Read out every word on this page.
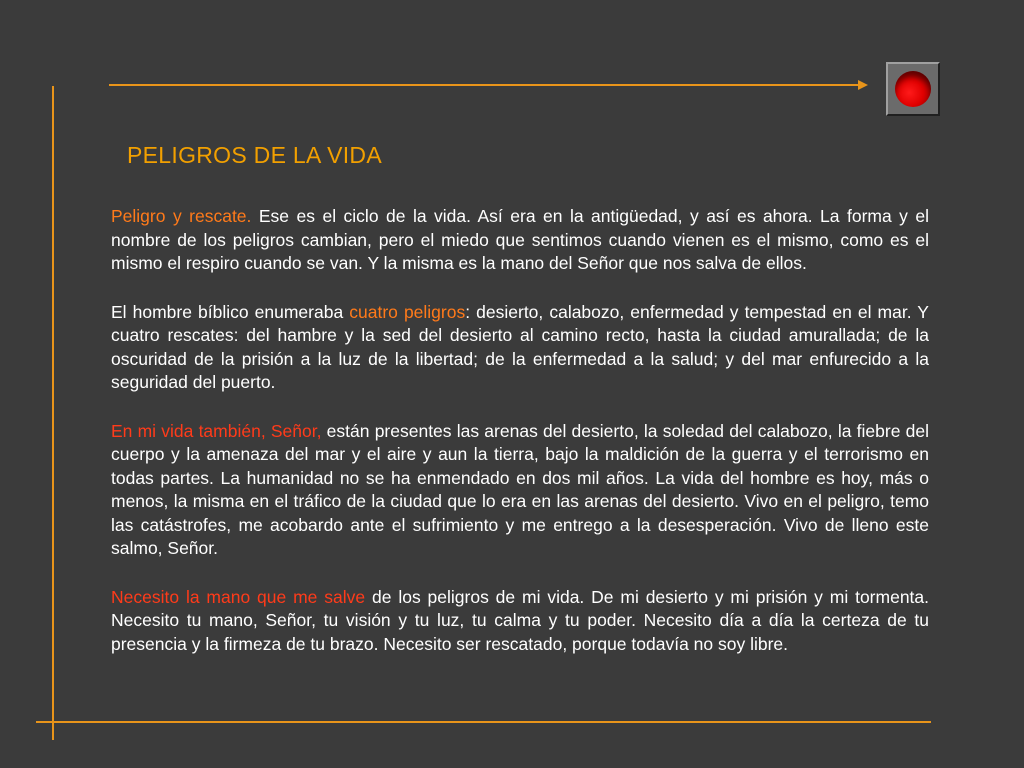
PELIGROS DE LA VIDA

Peligro y rescate. Ese es el ciclo de la vida. Así era en la antigüedad, y así es ahora. La forma y el nombre de los peligros cambian, pero el miedo que sentimos cuando vienen es el mismo, como es el mismo el respiro cuando se van. Y la misma es la mano del Señor que nos salva de ellos.

El hombre bíblico enumeraba cuatro peligros: desierto, calabozo, enfermedad y tempestad en el mar. Y cuatro rescates: del hambre y la sed del desierto al camino recto, hasta la ciudad amurallada; de la oscuridad de la prisión a la luz de la libertad; de la enfermedad a la salud; y del mar enfurecido a la seguridad del puerto.

En mi vida también, Señor, están presentes las arenas del desierto, la soledad del calabozo, la fiebre del cuerpo y la amenaza del mar y el aire y aun la tierra, bajo la maldición de la guerra y el terrorismo en todas partes. La humanidad no se ha enmendado en dos mil años. La vida del hombre es hoy, más o menos, la misma en el tráfico de la ciudad que lo era en las arenas del desierto. Vivo en el peligro, temo las catástrofes, me acobardo ante el sufrimiento y me entrego a la desesperación. Vivo de lleno este salmo, Señor.

Necesito la mano que me salve de los peligros de mi vida. De mi desierto y mi prisión y mi tormenta. Necesito tu mano, Señor, tu visión y tu luz, tu calma y tu poder. Necesito día a día la certeza de tu presencia y la firmeza de tu brazo. Necesito ser rescatado, porque todavía no soy libre.
